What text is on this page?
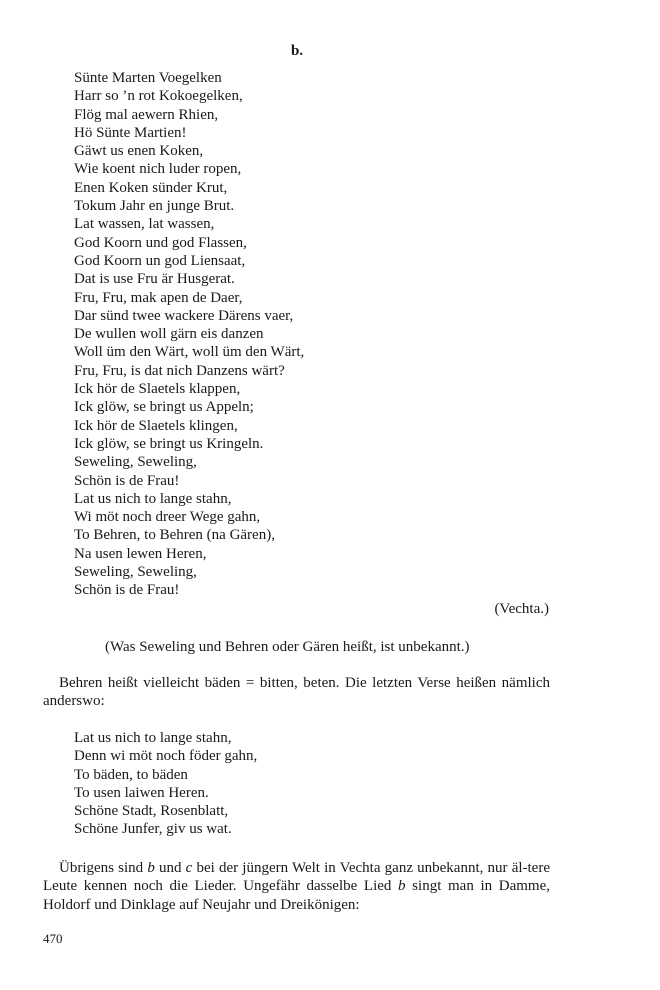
b.
Sünte Marten Voegelken
Harr so ’n rot Kokoegelken,
Flög mal aewern Rhien,
Hö Sünte Martien!
Gäwt us enen Koken,
Wie koent nich luder ropen,
Enen Koken sünder Krut,
Tokum Jahr en junge Brut.
Lat wassen, lat wassen,
God Koorn und god Flassen,
God Koorn un god Liensaat,
Dat is use Fru är Husgerat.
Fru, Fru, mak apen de Daer,
Dar sünd twee wackere Därens vaer,
De wullen woll gärn eis danzen
Woll üm den Wärt, woll üm den Wärt,
Fru, Fru, is dat nich Danzens wärt?
Ick hör de Slaetels klappen,
Ick glöw, se bringt us Appeln;
Ick hör de Slaetels klingen,
Ick glöw, se bringt us Kringeln.
Seweling, Seweling,
Schön is de Frau!
Lat us nich to lange stahn,
Wi möt noch dreer Wege gahn,
To Behren, to Behren (na Gären),
Na usen lewen Heren,
Seweling, Seweling,
Schön is de Frau!
(Vechta.)
(Was Seweling und Behren oder Gären heißt, ist unbekannt.)
Behren heißt vielleicht bäden = bitten, beten. Die letzten Verse heißen nämlich anderswo:
Lat us nich to lange stahn,
Denn wi möt noch föder gahn,
To bäden, to bäden
To usen laiwen Heren.
Schöne Stadt, Rosenblatt,
Schöne Junfer, giv us wat.
Übrigens sind b und c bei der jüngern Welt in Vechta ganz unbekannt, nur äl-tere Leute kennen noch die Lieder. Ungefähr dasselbe Lied b singt man in Damme, Holdorf und Dinklage auf Neujahr und Dreikönigen:
470
